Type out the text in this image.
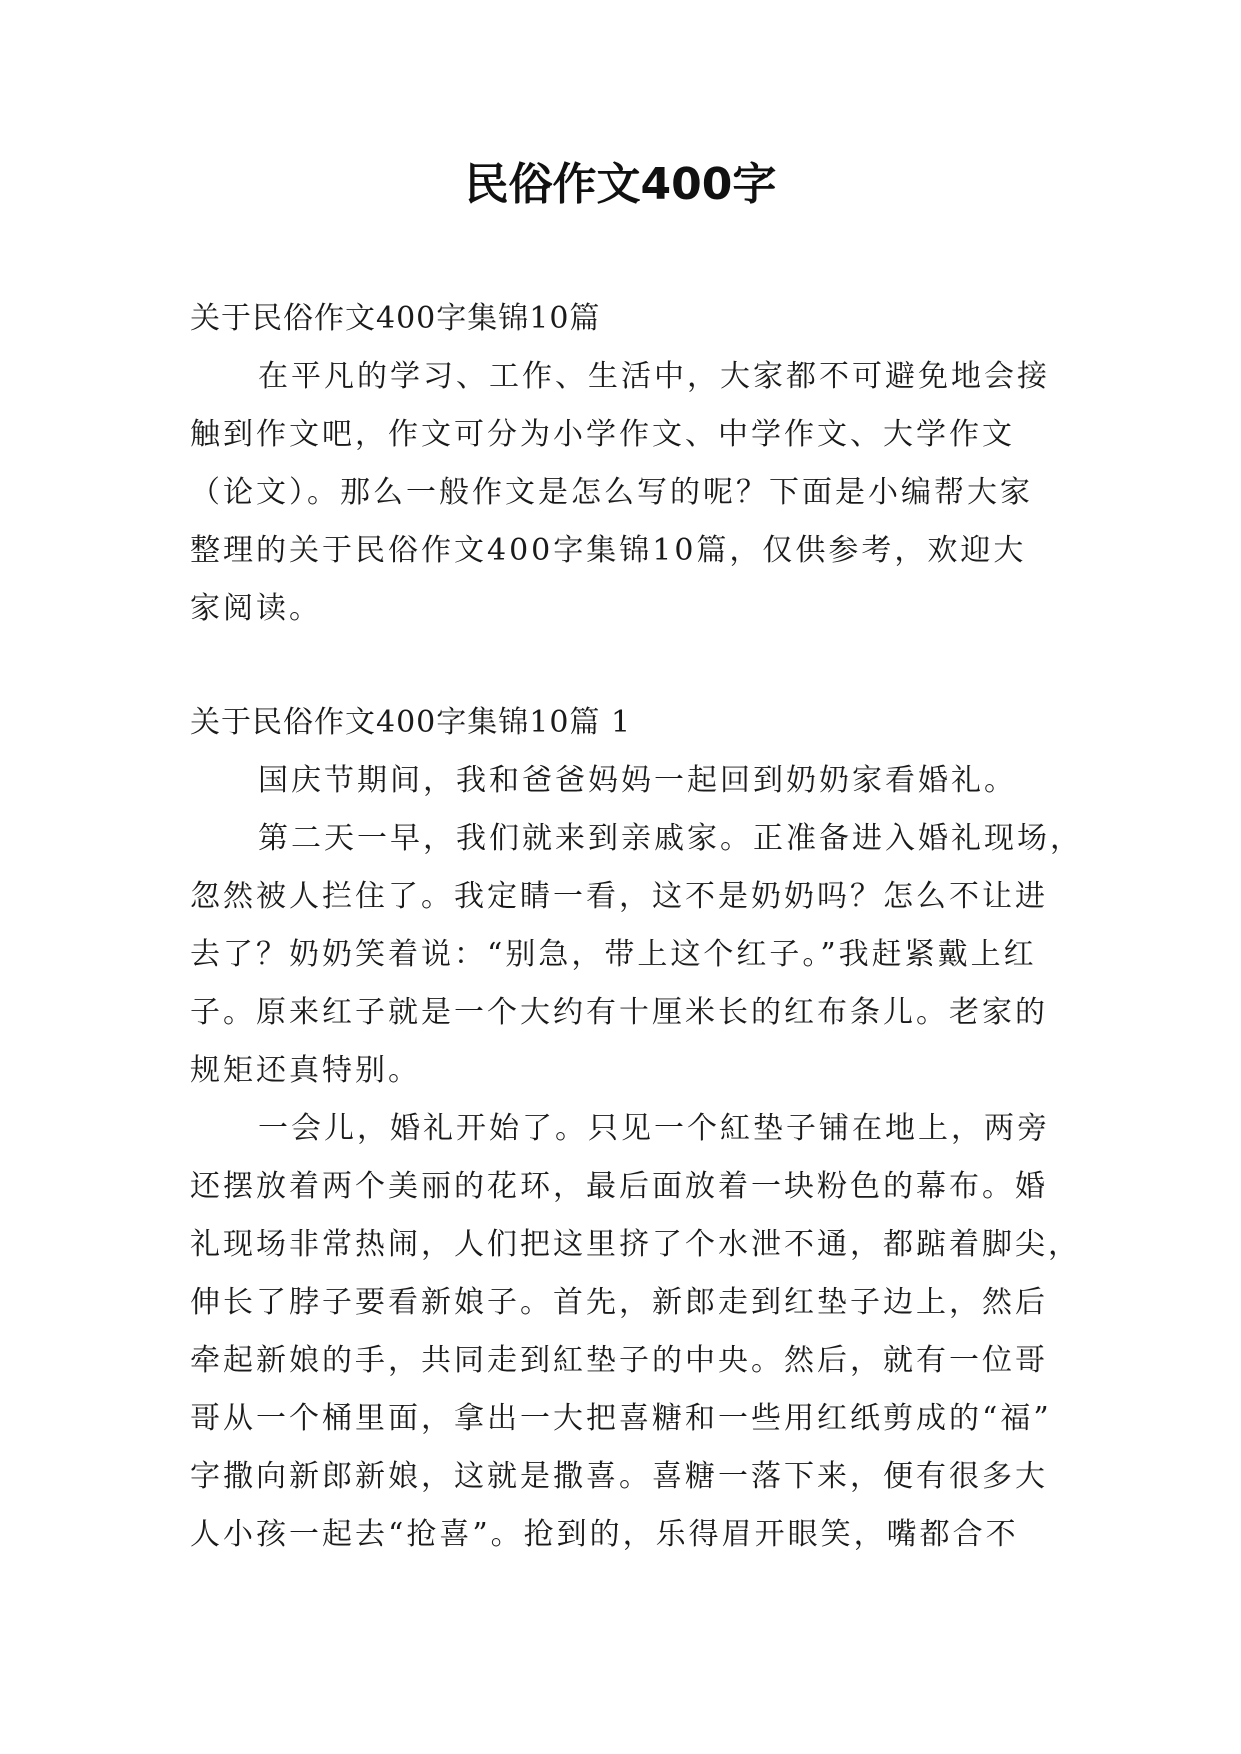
民俗作文400字

关于民俗作文400字集锦10篇

在平凡的学习、工作、生活中，大家都不可避免地会接

触到作文吧，作文可分为小学作文、中学作文、大学作文

（论文）。那么一般作文是怎么写的呢？下面是小编帮大家

整理的关于民俗作文400字集锦10篇，仅供参考，欢迎大

家阅读。

关于民俗作文400字集锦10篇 1

国庆节期间，我和爸爸妈妈一起回到奶奶家看婚礼。

第二天一早，我们就来到亲戚家。正准备进入婚礼现场，

忽然被人拦住了。我定睛一看，这不是奶奶吗？怎么不让进

去了？奶奶笑着说：“别急，带上这个红子。”我赶紧戴上红

子。原来红子就是一个大约有十厘米长的红布条儿。老家的

规矩还真特别。

一会儿，婚礼开始了。只见一个紅垫子铺在地上，两旁

还摆放着两个美丽的花环，最后面放着一块粉色的幕布。婚

礼现场非常热闹，人们把这里挤了个水泄不通，都踮着脚尖，

伸长了脖子要看新娘子。首先，新郎走到红垫子边上，然后

牵起新娘的手，共同走到紅垫子的中央。然后，就有一位哥

哥从一个桶里面，拿出一大把喜糖和一些用红纸剪成的“福”

字撒向新郎新娘，这就是撒喜。喜糖一落下来，便有很多大

人小孩一起去“抢喜”。抢到的，乐得眉开眼笑，嘴都合不
